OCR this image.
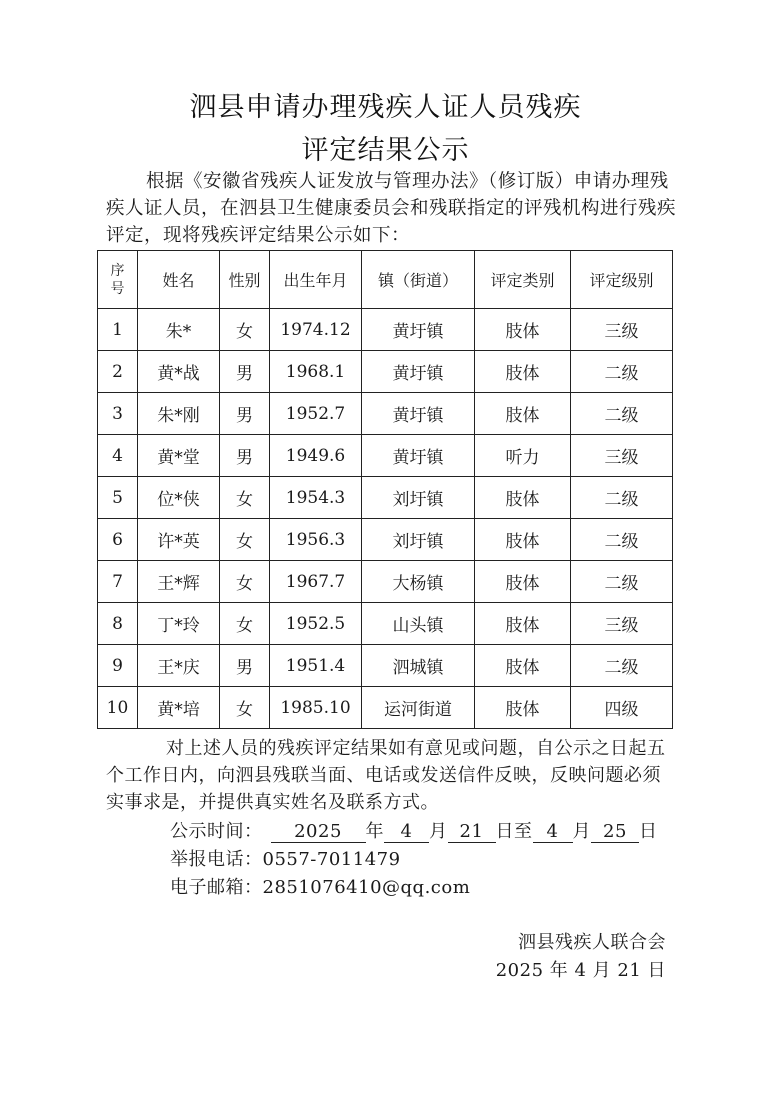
泗县申请办理残疾人证人员残疾
评定结果公示
根据《安徽省残疾人证发放与管理办法》（修订版）申请办理残疾人证人员，在泗县卫生健康委员会和残联指定的评残机构进行残疾评定，现将残疾评定结果公示如下：
序号	姓名	性别	出生年月	镇（街道）	评定类别	评定级别
1	朱*	女	1974.12	黄圩镇	肢体	三级
2	黄*战	男	1968.1	黄圩镇	肢体	二级
3	朱*刚	男	1952.7	黄圩镇	肢体	二级
4	黄*堂	男	1949.6	黄圩镇	听力	三级
5	位*侠	女	1954.3	刘圩镇	肢体	二级
6	许*英	女	1956.3	刘圩镇	肢体	二级
7	王*辉	女	1967.7	大杨镇	肢体	二级
8	丁*玲	女	1952.5	山头镇	肢体	三级
9	王*庆	男	1951.4	泗城镇	肢体	二级
10	黄*培	女	1985.10	运河街道	肢体	四级
对上述人员的残疾评定结果如有意见或问题，自公示之日起五个工作日内，向泗县残联当面、电话或发送信件反映，反映问题必须实事求是，并提供真实姓名及联系方式。
公示时间： 2025 年 4 月 21 日至 4 月 25 日
举报电话：0557-7011479
电子邮箱：2851076410@qq.com
泗县残疾人联合会
2025 年 4 月 21 日
